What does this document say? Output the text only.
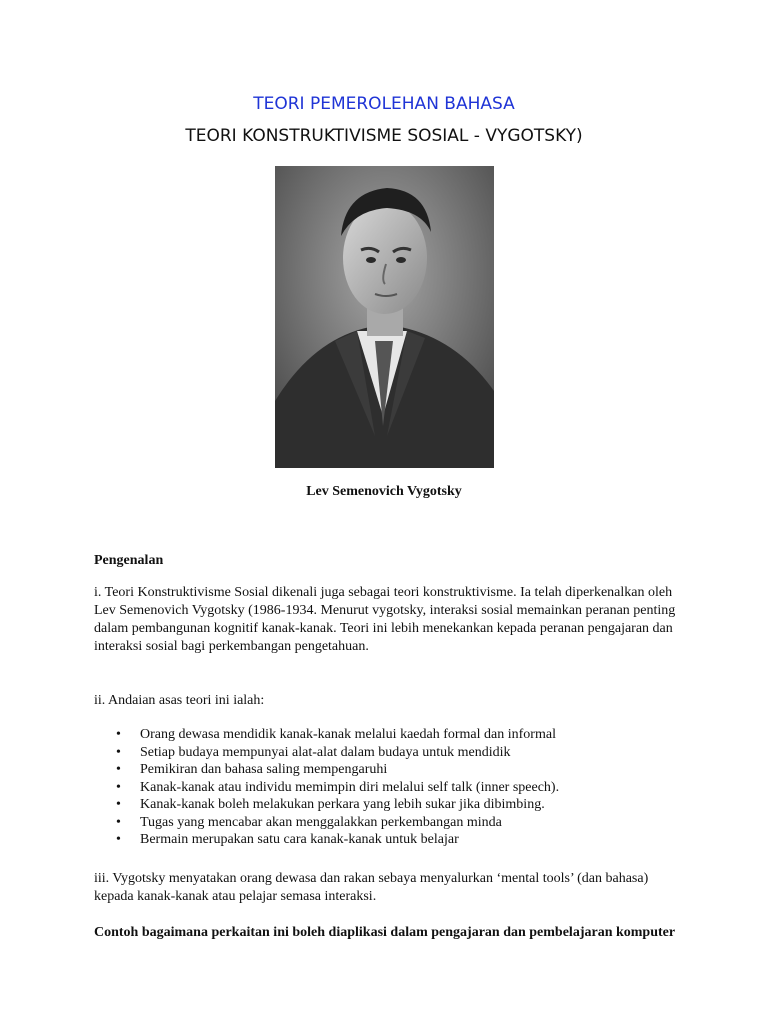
TEORI PEMEROLEHAN BAHASA
TEORI KONSTRUKTIVISME SOSIAL - VYGOTSKY)
Lev Semenovich Vygotsky
Pengenalan

i. Teori Konstruktivisme Sosial dikenali juga sebagai teori konstruktivisme. Ia telah diperkenalkan oleh Lev Semenovich Vygotsky (1986-1934. Menurut vygotsky, interaksi sosial memainkan peranan penting dalam pembangunan kognitif kanak-kanak. Teori ini lebih menekankan kepada peranan pengajaran dan interaksi sosial bagi perkembangan pengetahuan.

ii. Andaian asas teori ini ialah:

• Orang dewasa mendidik kanak-kanak melalui kaedah formal dan informal
• Setiap budaya mempunyai alat-alat dalam budaya untuk mendidik
• Pemikiran dan bahasa saling mempengaruhi
• Kanak-kanak atau individu memimpin diri melalui self talk (inner speech).
• Kanak-kanak boleh melakukan perkara yang lebih sukar jika dibimbing.
• Tugas yang mencabar akan menggalakkan perkembangan minda
• Bermain merupakan satu cara kanak-kanak untuk belajar

iii. Vygotsky menyatakan orang dewasa dan rakan sebaya menyalurkan ‘mental tools’ (dan bahasa) kepada kanak-kanak atau pelajar semasa interaksi.

Contoh bagaimana perkaitan ini boleh diaplikasi dalam pengajaran dan pembelajaran komputer
